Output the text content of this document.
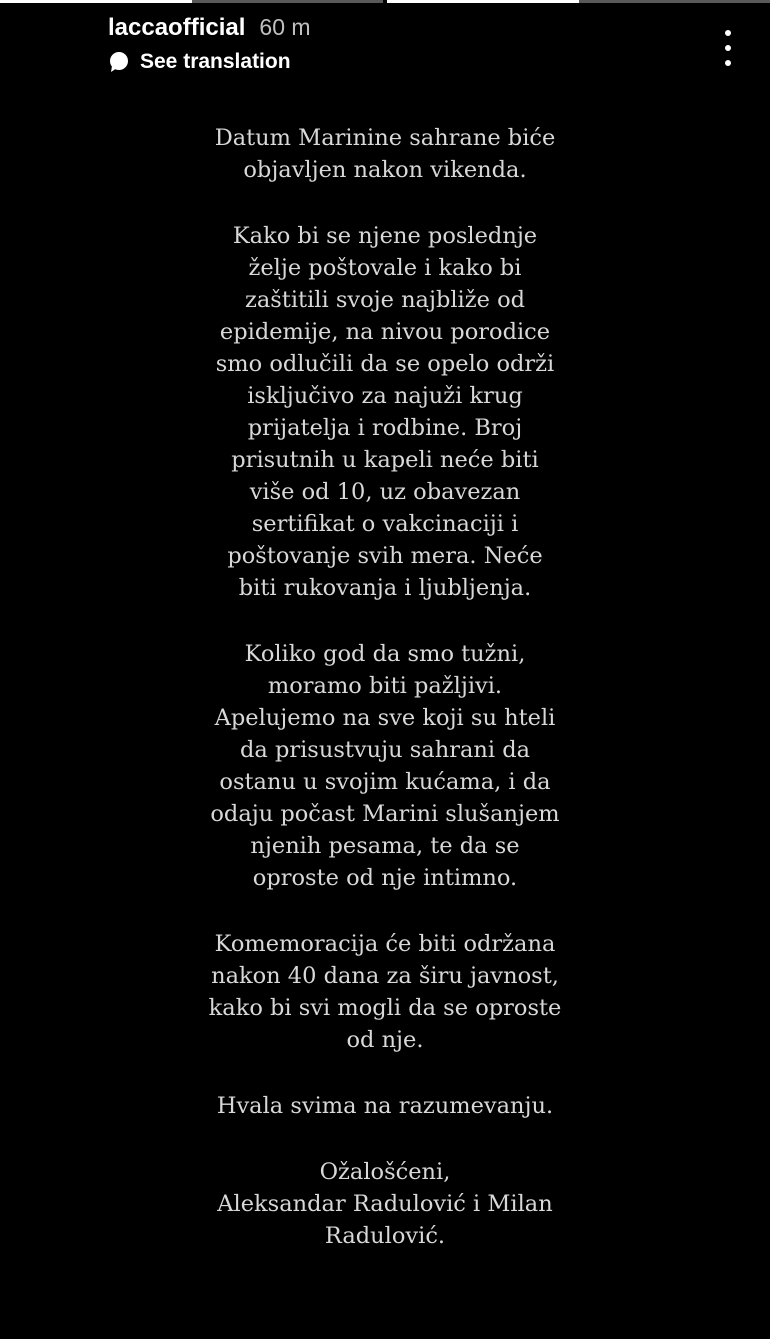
laccaofficial 60 m
See translation

Datum Marinine sahrane biće
objavljen nakon vikenda.

Kako bi se njene poslednje
želje poštovale i kako bi
zaštitili svoje najbliže od
epidemije, na nivou porodice
smo odlučili da se opelo održi
isključivo za najuži krug
prijatelja i rodbine. Broj
prisutnih u kapeli neće biti
više od 10, uz obavezan
sertifikat o vakcinaciji i
poštovanje svih mera. Neće
biti rukovanja i ljubljenja.

Koliko god da smo tužni,
moramo biti pažljivi.
Apelujemo na sve koji su hteli
da prisustvuju sahrani da
ostanu u svojim kućama, i da
odaju počast Marini slušanjem
njenih pesama, te da se
oproste od nje intimno.

Komemoracija će biti održana
nakon 40 dana za širu javnost,
kako bi svi mogli da se oproste
od nje.

Hvala svima na razumevanju.

Ožalošćeni,
Aleksandar Radulović i Milan
Radulović.
